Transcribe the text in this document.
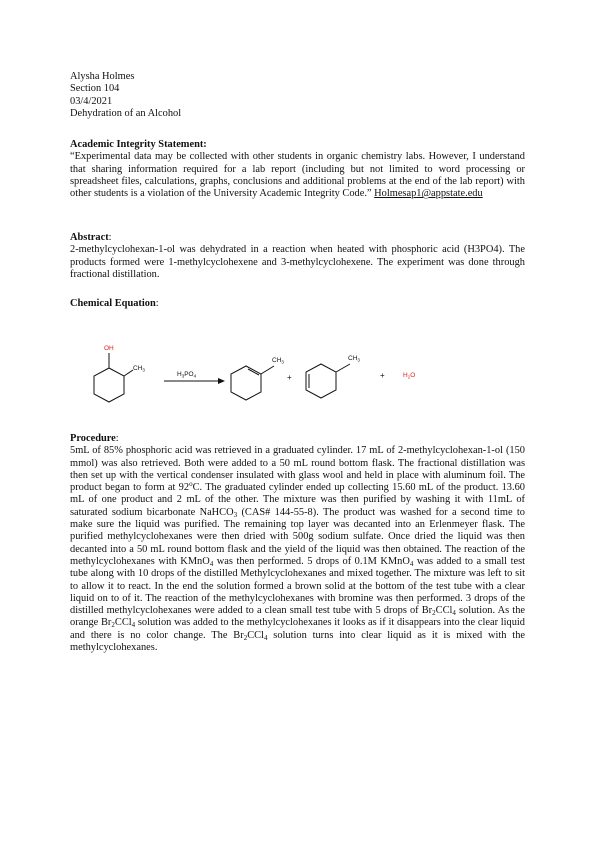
Alysha Holmes
Section 104
03/4/2021
Dehydration of an Alcohol
Academic Integrity Statement:

“Experimental data may be collected with other students in organic chemistry labs. However, I understand that sharing information required for a lab report (including but not limited to word processing or spreadsheet files, calculations, graphs, conclusions and additional problems at the end of the lab report) with other students is a violation of the University Academic Integrity Code.” Holmesap1@appstate.edu

Abstract:

2-methylcyclohexan-1-ol was dehydrated in a reaction when heated with phosphoric acid (H3PO4). The products formed were 1-methylcyclohexene and 3-methylcyclohexene. The experiment was done through fractional distillation.

Chemical Equation:
OH
$CH_3$
$H_3PO_4$
$CH_3$	$CH_3$
+	+	$H_2O$
Procedure:

5mL of 85% phosphoric acid was retrieved in a graduated cylinder. 17 mL of 2-methylcyclohexan-1-ol (150 mmol) was also retrieved. Both were added to a 50 mL round bottom flask. The fractional distillation was then set up with the vertical condenser insulated with glass wool and held in place with aluminum foil. The product began to form at 92$^o$C. The graduated cylinder ended up collecting 15.60 mL of the product. 13.60 mL of one product and 2 mL of the other. The mixture was then purified by washing it with 11mL of saturated sodium bicarbonate NaHCO$_3$ (CAS# 144-55-8). The product was washed for a second time to make sure the liquid was purified. The remaining top layer was decanted into an Erlenmeyer flask. The purified methylcyclohexanes were then dried with 500g sodium sulfate. Once dried the liquid was then decanted into a 50 mL round bottom flask and the yield of the liquid was then obtained. The reaction of the methylcyclohexanes with KMnO$_4$ was then performed. 5 drops of 0.1M KMnO$_4$ was added to a small test tube along with 10 drops of the distilled Methylcyclohexanes and mixed together. The mixture was left to sit to allow it to react. In the end the solution formed a brown solid at the bottom of the test tube with a clear liquid on to of it. The reaction of the methylcyclohexanes with bromine was then performed. 3 drops of the distilled methylcyclohexanes were added to a clean small test tube with 5 drops of $Br_2CCl_4$ solution. As the orange $Br_2CCl_4$ solution was added to the methylcyclohexanes it looks as if it disappears into the clear liquid and there is no color change. The $Br_2CCl_4$ solution turns into clear liquid as it is mixed with the methylcyclohexanes.
